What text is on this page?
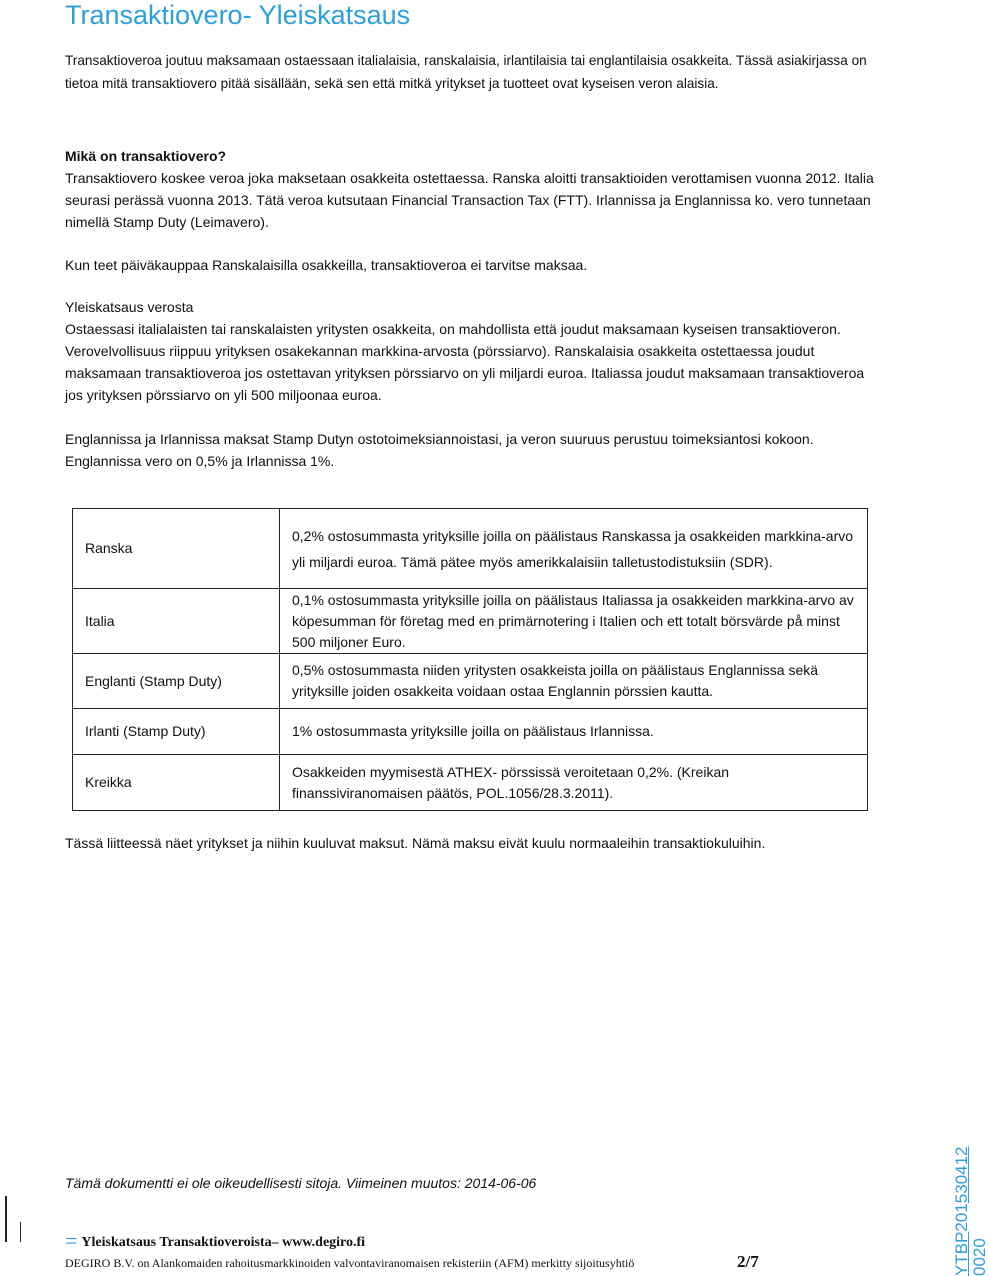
Transaktiovero- Yleiskatsaus

Transaktioveroa joutuu maksamaan ostaessaan italialaisia, ranskalaisia, irlantilaisia tai englantilaisia osakkeita. Tässä asiakirjassa on tietoa mitä transaktiovero pitää sisällään, sekä sen että mitkä yritykset ja tuotteet ovat kyseisen veron alaisia.

Mikä on transaktiovero?

Transaktiovero koskee veroa joka maksetaan osakkeita ostettaessa. Ranska aloitti transaktioiden verottamisen vuonna 2012. Italia seurasi perässä vuonna 2013. Tätä veroa kutsutaan Financial Transaction Tax (FTT). Irlannissa ja Englannissa ko. vero tunnetaan nimellä Stamp Duty (Leimavero).

Kun teet päiväkauppaa Ranskalaisilla osakkeilla, transaktioveroa ei tarvitse maksaa.

Yleiskatsaus verosta

Ostaessasi italialaisten tai ranskalaisten yritysten osakkeita, on mahdollista että joudut maksamaan kyseisen transaktioveron. Verovelvollisuus riippuu yrityksen osakekannan markkina-arvosta (pörssiarvo). Ranskalaisia osakkeita ostettaessa joudut maksamaan transaktioveroa jos ostettavan yrityksen pörssiarvo on yli miljardi euroa. Italiassa joudut maksamaan transaktioveroa jos yrityksen pörssiarvo on yli 500 miljoonaa euroa.

Englannissa ja Irlannissa maksat Stamp Dutyn ostotoimeksiannoistasi, ja veron suuruus perustuu toimeksiantosi kokoon. Englannissa vero on 0,5% ja Irlannissa 1%.

Ranska	0,2% ostosummasta yrityksille joilla on päälistaus Ranskassa ja osakkeiden markkina-arvo yli miljardi euroa. Tämä pätee myös amerikkalaisiin talletustodistuksiin (SDR).

Italia	0,1% ostosummasta yrityksille joilla on päälistaus Italiassa ja osakkeiden markkina-arvo av köpesumman för företag med en primärnotering i Italien och ett totalt börsvärde på minst 500 miljoner Euro.
Englanti (Stamp Duty)	0,5% ostosummasta niiden yritysten osakkeista joilla on päälistaus Englannissa sekä yrityksille joiden osakkeita voidaan ostaa Englannin pörssien kautta.
Irlanti (Stamp Duty)	1% ostosummasta yrityksille joilla on päälistaus Irlannissa.
Kreikka	Osakkeiden myymisestä ATHEX- pörssissä veroitetaan 0,2%. (Kreikan finanssiviranomaisen päätös, POL.1056/28.3.2011).

Tässä liitteessä näet yritykset ja niihin kuuluvat maksut. Nämä maksu eivät kuulu normaaleihin transaktiokuluihin.

Tämä dokumentti ei ole oikeudellisesti sitoja. Viimeinen muutos: 2014-06-06
= Yleiskatsaus Transaktioveroista– www.degiro.fi
DEGIRO B.V. on Alankomaiden rahoitusmarkkinoiden valvontaviranomaisen rekisteriin (AFM) merkitty sijoitusyhtiö	2/7	YTBP201530412
0020
